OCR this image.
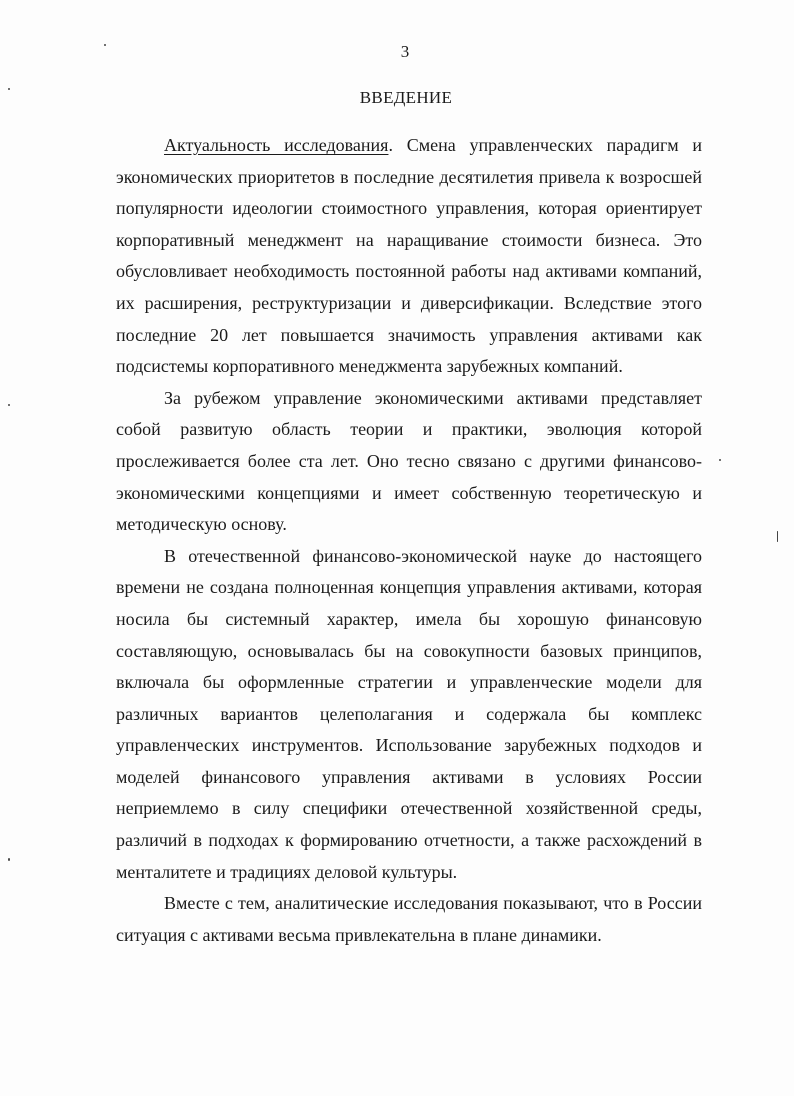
3
ВВЕДЕНИЕ

Актуальность исследования. Смена управленческих парадигм и экономических приоритетов в последние десятилетия привела к возросшей популярности идеологии стоимостного управления, которая ориентирует корпоративный менеджмент на наращивание стоимости бизнеса. Это обусловливает необходимость постоянной работы над активами компаний, их расширения, реструктуризации и диверсификации. Вследствие этого последние 20 лет повышается значимость управления активами как подсистемы корпоративного менеджмента зарубежных компаний.

За рубежом управление экономическими активами представляет собой развитую область теории и практики, эволюция которой прослеживается более ста лет. Оно тесно связано с другими финансово-экономическими концепциями и имеет собственную теоретическую и методическую основу.

В отечественной финансово-экономической науке до настоящего времени не создана полноценная концепция управления активами, которая носила бы системный характер, имела бы хорошую финансовую составляющую, основывалась бы на совокупности базовых принципов, включала бы оформленные стратегии и управленческие модели для различных вариантов целеполагания и содержала бы комплекс управленческих инструментов. Использование зарубежных подходов и моделей финансового управления активами в условиях России неприемлемо в силу специфики отечественной хозяйственной среды, различий в подходах к формированию отчетности, а также расхождений в менталитете и традициях деловой культуры.

Вместе с тем, аналитические исследования показывают, что в России ситуация с активами весьма привлекательна в плане динамики.
